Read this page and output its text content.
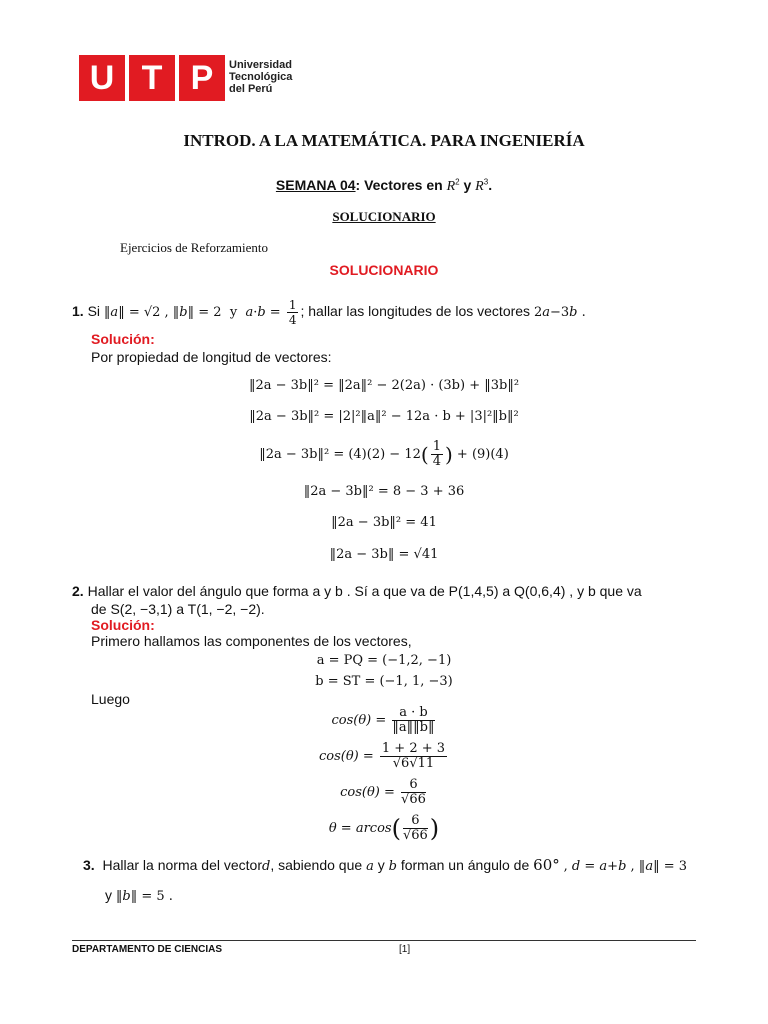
U T P	Universidad
Tecnológica
del Perú
INTROD. A LA MATEMÁTICA. PARA INGENIERÍA
SEMANA 04: Vectores en $R^2$ y $R^3$.
SOLUCIONARIO
Ejercicios de Reforzamiento
SOLUCIONARIO
1. Si ‖a‖ = √2 , ‖b‖ = 2  y  $a\cdot b = \frac{1}{4}$ ; hallar las longitudes de los vectores 2a−3b .
Solución:
Por propiedad de longitud de vectores:
‖2a − 3b‖² = ‖2a‖² − 2(2a) · (3b) + ‖3b‖²
‖2a − 3b‖² = |2|²‖a‖² − 12a · b + |3|²‖b‖²
‖2a − 3b‖² = $(4)(2) - 12( \frac{1}{4}$ ) + (9)(4)
‖2a − 3b‖² = 8 − 3 + 36
‖2a − 3b‖² = 41
‖2a − 3b‖ = √41
2. Hallar el valor del ángulo que forma a y b . Sí a que va de P(1,4,5) a Q(0,6,4) , y b que va
de S(2, −3,1) a T(1, −2, −2).
Solución:
Primero hallamos las componentes de los vectores,
a = PQ = (−1,2, −1)
b = ST = (−1, 1, −3)
Luego
$\cos(\theta) = \frac{a \cdot b}{‖a‖‖b‖}$
$\cos(\theta) = \frac{1 + 2 + 3}{√6√11}$
$\cos(\theta) = \frac{6}{√66}$
$\theta = arcos( \frac{6}{√66}$ )
3. Hallar la norma del vectord, sabiendo que a y b forman un ángulo de 60° , d = a+b , ‖a‖ = 3
y ‖b‖ = 5 .
DEPARTAMENTO DE CIENCIAS	[1]
